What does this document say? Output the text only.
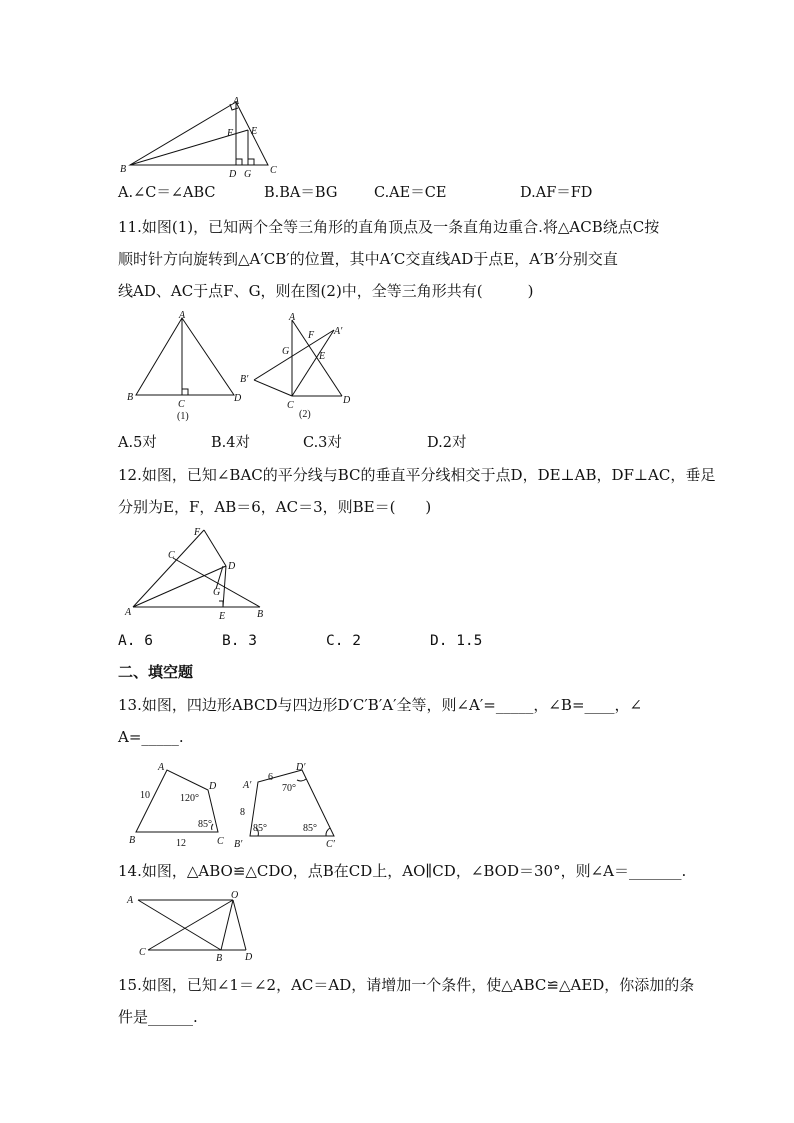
A
B	C
D
E
F
G
A.∠C＝∠ABC	B.BA＝BG	C.AE＝CE	D.AF＝FD
11.如图(1)，已知两个全等三角形的直角顶点及一条直角边重合.将△ACB绕点C按
顺时针方向旋转到△A′CB′的位置，其中A′C交直线AD于点E，A′B′分别交直
线AD、AC于点F、G，则在图(2)中，全等三角形共有(　　　)
A
B
C
D
(1)
A
A′
F
G	E
B′
C	D
(2)
A.5对	B.4对	C.3对	D.2对
12.如图，已知∠BAC的平分线与BC的垂直平分线相交于点D，DE⊥AB，DF⊥AC，垂足
分别为E，F，AB＝6，AC＝3，则BE＝(　　)
F
C
D
G
A	E	B
A. 6	B. 3	C. 2	D. 1.5
二、填空题
13.如图，四边形ABCD与四边形D′C′B′A′全等，则∠A′=_____，∠B=____，∠
A=_____.
A
D
B	C
10
12
120°
85°
A′
D′
B′	C′
6
8
70°
85°	85°
14.如图，△ABO≌△CDO，点B在CD上，AO∥CD，∠BOD＝30°，则∠A＝_______.
A	O
C
B D
15.如图，已知∠1＝∠2，AC＝AD，请增加一个条件，使△ABC≌△AED，你添加的条
件是______.
